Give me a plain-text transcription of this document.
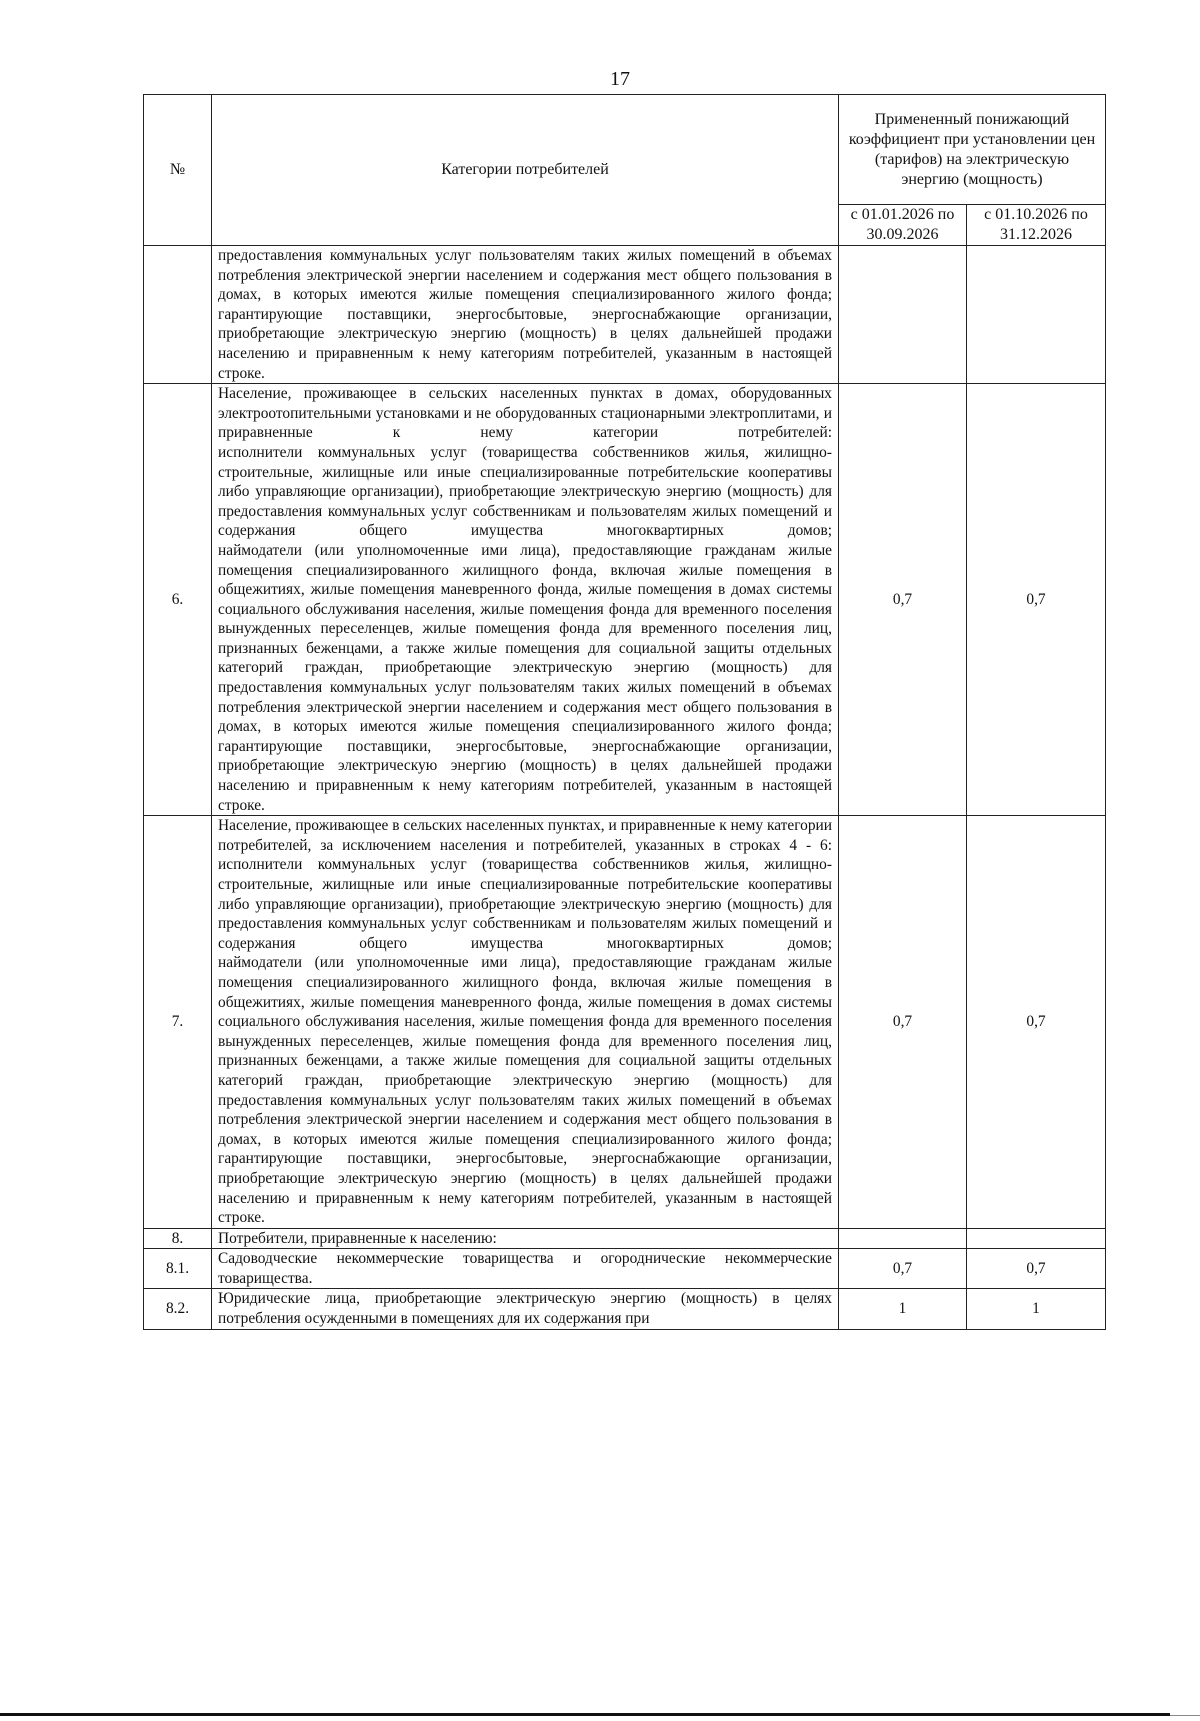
17
№	Категории потребителей	Примененный понижающий коэффициент при установлении цен (тарифов) на электрическую энергию (мощность)	
		с 01.01.2026 по 30.09.2026	с 01.10.2026 по 31.12.2026

	предоставления коммунальных услуг пользователям таких жилых помещений в объемах потребления электрической энергии населением и содержания мест общего пользования в домах, в которых имеются жилые помещения специализированного жилого фонда;
гарантирующие поставщики, энергосбытовые, энергоснабжающие организации, приобретающие электрическую энергию (мощность) в целях дальнейшей продажи населению и приравненным к нему категориям потребителей, указанным в настоящей строке.		

6.	Население, проживающее в сельских населенных пунктах в домах, оборудованных электроотопительными установками и не оборудованных стационарными электроплитами, и приравненные к нему категории потребителей:
исполнители коммунальных услуг (товарищества собственников жилья, жилищно-строительные, жилищные или иные специализированные потребительские кооперативы либо управляющие организации), приобретающие электрическую энергию (мощность) для предоставления коммунальных услуг собственникам и пользователям жилых помещений и содержания общего имущества многоквартирных домов;
наймодатели (или уполномоченные ими лица), предоставляющие гражданам жилые помещения специализированного жилищного фонда, включая жилые помещения в общежитиях, жилые помещения маневренного фонда, жилые помещения в домах системы социального обслуживания населения, жилые помещения фонда для временного поселения вынужденных переселенцев, жилые помещения фонда для временного поселения лиц, признанных беженцами, а также жилые помещения для социальной защиты отдельных категорий граждан, приобретающие электрическую энергию (мощность) для предоставления коммунальных услуг пользователям таких жилых помещений в объемах потребления электрической энергии населением и содержания мест общего пользования в домах, в которых имеются жилые помещения специализированного жилого фонда;
гарантирующие поставщики, энергосбытовые, энергоснабжающие организации, приобретающие электрическую энергию (мощность) в целях дальнейшей продажи населению и приравненным к нему категориям потребителей, указанным в настоящей строке.	0,7	0,7
7.	Население, проживающее в сельских населенных пунктах, и приравненные к нему категории потребителей, за исключением населения и потребителей, указанных в строках 4 - 6:
исполнители коммунальных услуг (товарищества собственников жилья, жилищно-строительные, жилищные или иные специализированные потребительские кооперативы либо управляющие организации), приобретающие электрическую энергию (мощность) для предоставления коммунальных услуг собственникам и пользователям жилых помещений и содержания общего имущества многоквартирных домов;
наймодатели (или уполномоченные ими лица), предоставляющие гражданам жилые помещения специализированного жилищного фонда, включая жилые помещения в общежитиях, жилые помещения маневренного фонда, жилые помещения в домах системы социального обслуживания населения, жилые помещения фонда для временного поселения вынужденных переселенцев, жилые помещения фонда для временного поселения лиц, признанных беженцами, а также жилые помещения для социальной защиты отдельных категорий граждан, приобретающие электрическую энергию (мощность) для предоставления коммунальных услуг пользователям таких жилых помещений в объемах потребления электрической энергии населением и содержания мест общего пользования в домах, в которых имеются жилые помещения специализированного жилого фонда;
гарантирующие поставщики, энергосбытовые, энергоснабжающие организации, приобретающие электрическую энергию (мощность) в целях дальнейшей продажи населению и приравненным к нему категориям потребителей, указанным в настоящей строке.	0,7	0,7
8.	Потребители, приравненные к населению:		

8.1.	Садоводческие некоммерческие товарищества и огороднические некоммерческие товарищества.	0,7	0,7
8.2.	Юридические лица, приобретающие электрическую энергию (мощность) в целях потребления осужденными в помещениях для их содержания при	1	1
